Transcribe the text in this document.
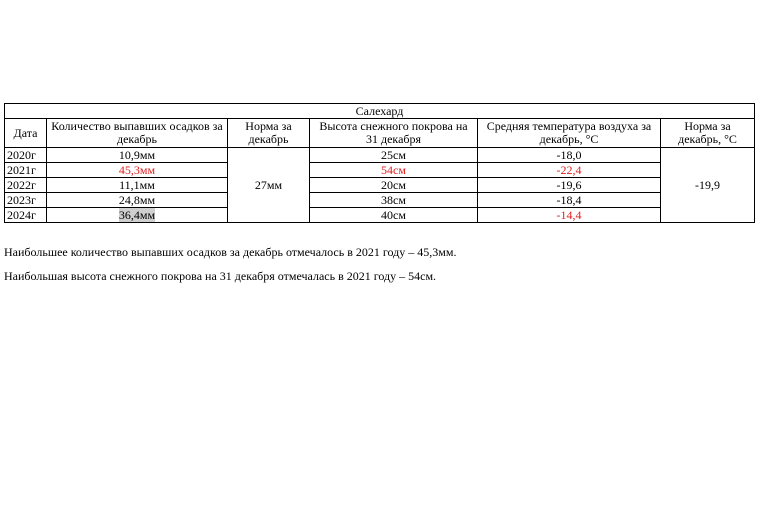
Салехард					
Дата	Количество выпавших осадков за декабрь	Норма за декабрь	Высота снежного покрова на 31 декабря	Средняя температура воздуха за декабрь, °С	Норма за декабрь, °С
2020г	10,9мм	27мм	25см	-18,0	-19,9
2021г	45,3мм		54см	-22,4	
2022г	11,1мм		20см	-19,6	
2023г	24,8мм		38см	-18,4	
2024г	36,4мм		40см	-14,4	

Наибольшее количество выпавших осадков за декабрь отмечалось в 2021 году – 45,3мм.

Наибольшая высота снежного покрова на 31 декабря отмечалась в 2021 году – 54см.
